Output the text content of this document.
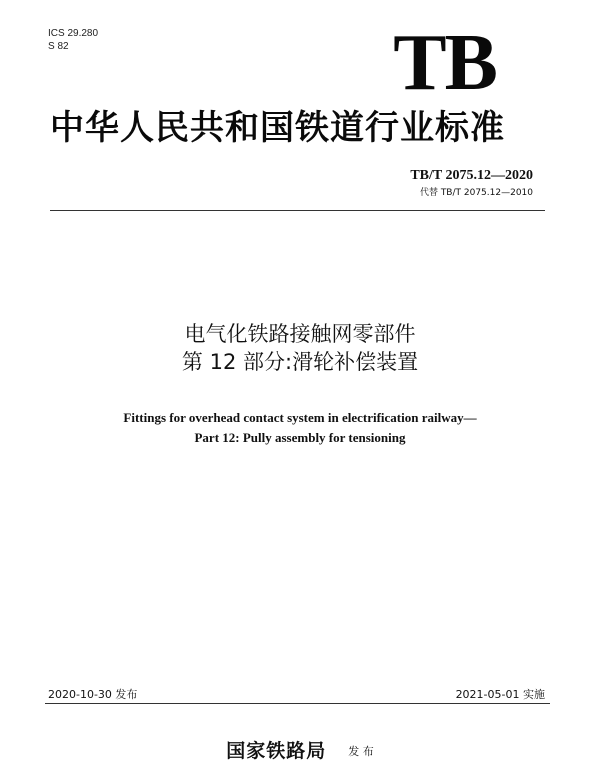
ICS 29.280
S 82	TB
中华人民共和国铁道行业标准
TB/T 2075.12—2020
代替 TB/T 2075.12—2010
电气化铁路接触网零部件
第 12 部分:滑轮补偿装置
Fittings for overhead contact system in electrification railway—
Part 12: Pully assembly for tensioning
2020-10-30 发布	2021-05-01 实施
国家铁路局 发 布
